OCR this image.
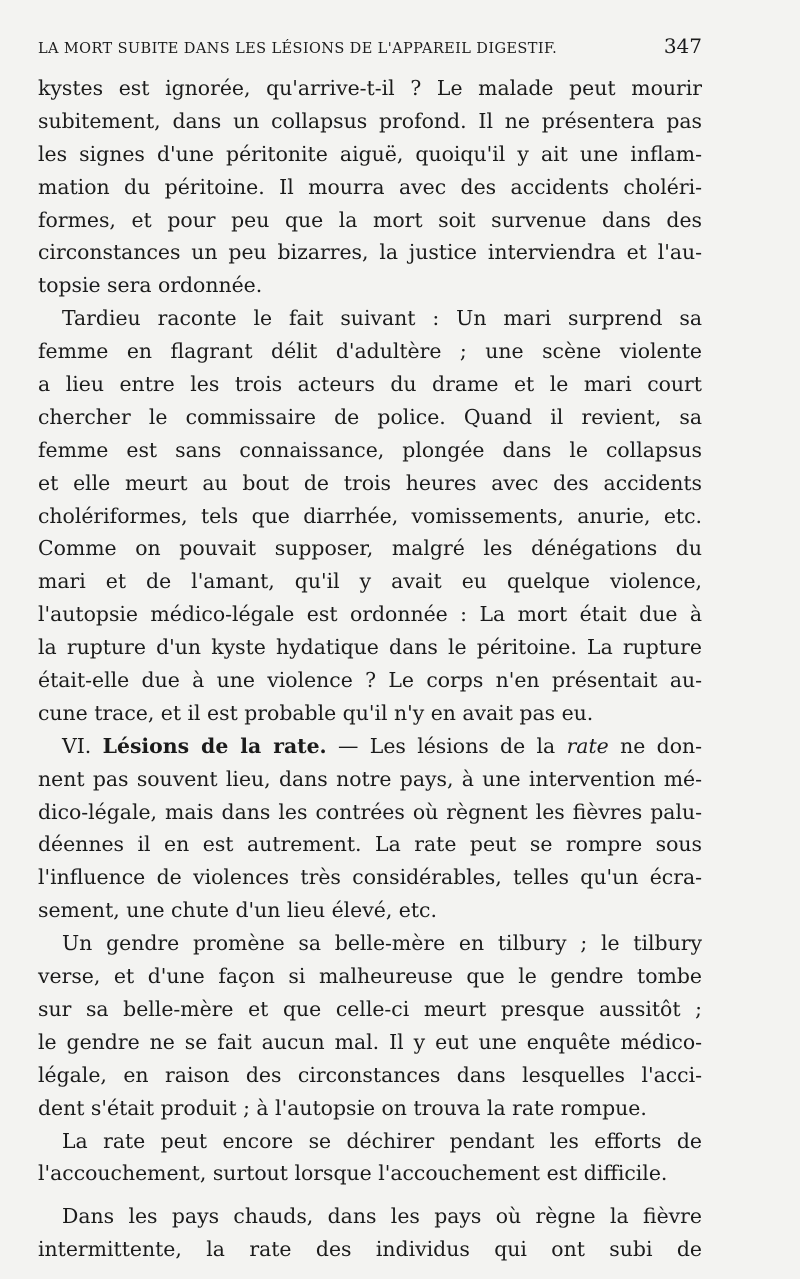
LA MORT SUBITE DANS LES LÉSIONS DE L'APPAREIL DIGESTIF.	347
kystes est ignorée, qu'arrive-t-il ? Le malade peut mourir
subitement, dans un collapsus profond. Il ne présentera pas
les signes d'une péritonite aiguë, quoiqu'il y ait une inflam-
mation du péritoine. Il mourra avec des accidents choléri-
formes, et pour peu que la mort soit survenue dans des
circonstances un peu bizarres, la justice interviendra et l'au-
topsie sera ordonnée.
Tardieu raconte le fait suivant : Un mari surprend sa
femme en flagrant délit d'adultère ; une scène violente
a lieu entre les trois acteurs du drame et le mari court
chercher le commissaire de police. Quand il revient, sa
femme est sans connaissance, plongée dans le collapsus
et elle meurt au bout de trois heures avec des accidents
cholériformes, tels que diarrhée, vomissements, anurie, etc.
Comme on pouvait supposer, malgré les dénégations du
mari et de l'amant, qu'il y avait eu quelque violence,
l'autopsie médico-légale est ordonnée : La mort était due à
la rupture d'un kyste hydatique dans le péritoine. La rupture
était-elle due à une violence ? Le corps n'en présentait au-
cune trace, et il est probable qu'il n'y en avait pas eu.
VI. Lésions de la rate. — Les lésions de la rate ne don-
nent pas souvent lieu, dans notre pays, à une intervention mé-
dico-légale, mais dans les contrées où règnent les fièvres palu-
déennes il en est autrement. La rate peut se rompre sous
l'influence de violences très considérables, telles qu'un écra-
sement, une chute d'un lieu élevé, etc.
Un gendre promène sa belle-mère en tilbury ; le tilbury
verse, et d'une façon si malheureuse que le gendre tombe
sur sa belle-mère et que celle-ci meurt presque aussitôt ;
le gendre ne se fait aucun mal. Il y eut une enquête médico-
légale, en raison des circonstances dans lesquelles l'acci-
dent s'était produit ; à l'autopsie on trouva la rate rompue.
La rate peut encore se déchirer pendant les efforts de
l'accouchement, surtout lorsque l'accouchement est difficile.
Dans les pays chauds, dans les pays où règne la fièvre
intermittente, la rate des individus qui ont subi de
